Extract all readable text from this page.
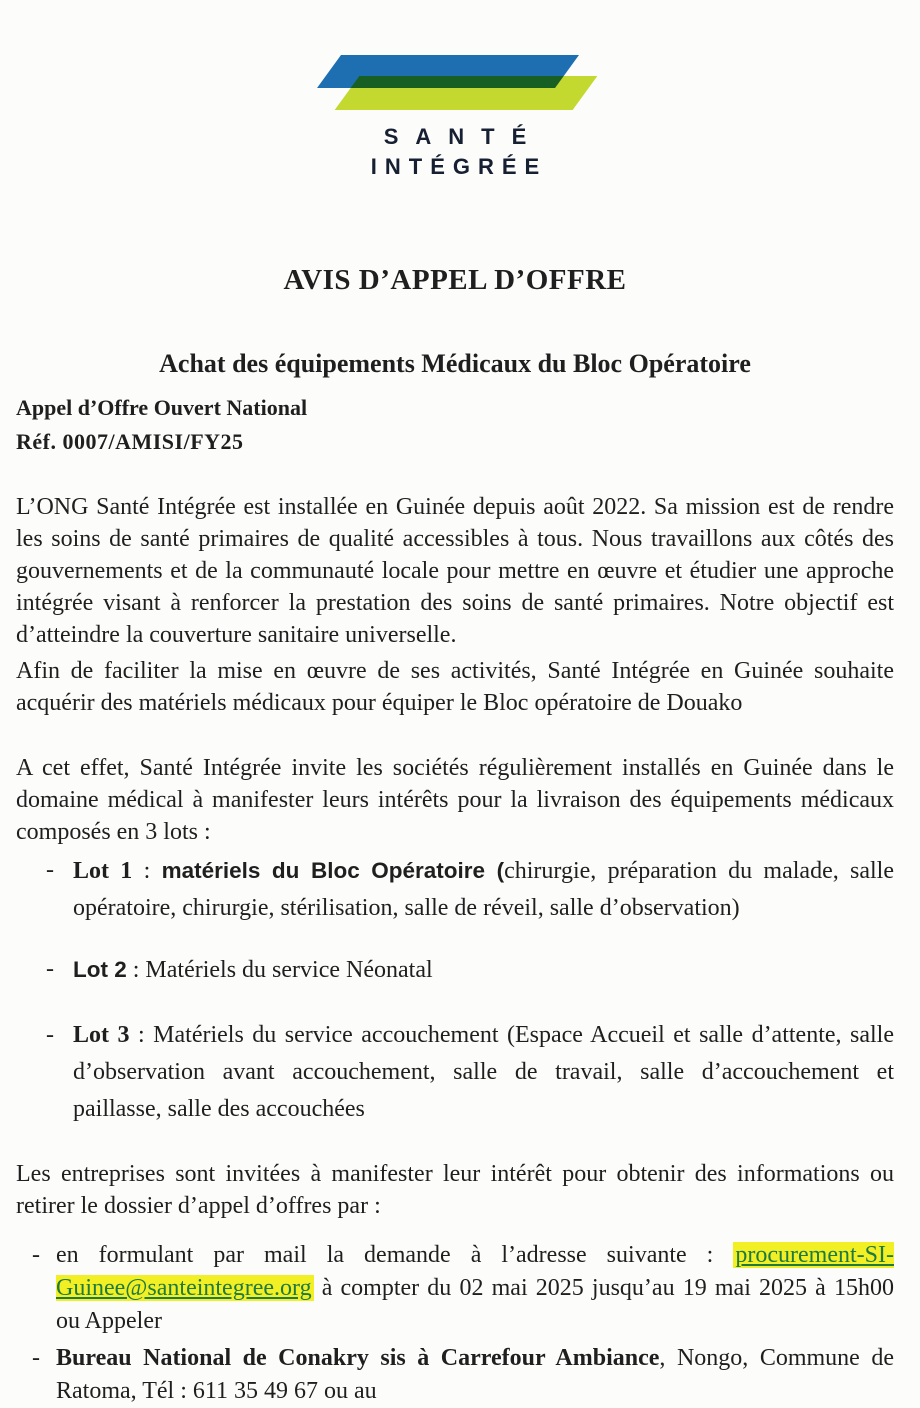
SANTÉ
INTÉGRÉE
AVIS D’APPEL D’OFFRE
Achat des équipements Médicaux du Bloc Opératoire
Appel d’Offre Ouvert National
Réf. 0007/AMISI/FY25

L’ONG Santé Intégrée est installée en Guinée depuis août 2022. Sa mission est de rendre les soins de santé primaires de qualité accessibles à tous. Nous travaillons aux côtés des gouvernements et de la communauté locale pour mettre en œuvre et étudier une approche intégrée visant à renforcer la prestation des soins de santé primaires. Notre objectif est d’atteindre la couverture sanitaire universelle.

Afin de faciliter la mise en œuvre de ses activités, Santé Intégrée en Guinée souhaite acquérir des matériels médicaux pour équiper le Bloc opératoire de Douako

A cet effet, Santé Intégrée invite les sociétés régulièrement installés en Guinée dans le domaine médical à manifester leurs intérêts pour la livraison des équipements médicaux composés en 3 lots :

- Lot 1 : matériels du Bloc Opératoire (chirurgie, préparation du malade, salle opératoire, chirurgie, stérilisation, salle de réveil, salle d’observation)
- Lot 2 : Matériels du service Néonatal
- Lot 3 : Matériels du service accouchement (Espace Accueil et salle d’attente, salle d’observation avant accouchement, salle de travail, salle d’accouchement et paillasse, salle des accouchées

Les entreprises sont invitées à manifester leur intérêt pour obtenir des informations ou retirer le dossier d’appel d’offres par :

- en formulant par mail la demande à l’adresse suivante : procurement-SI-Guinee@santeintegree.org à compter du 02 mai 2025 jusqu’au 19 mai 2025 à 15h00 ou Appeler
- Bureau National de Conakry sis à Carrefour Ambiance, Nongo, Commune de Ratoma, Tél : 611 35 49 67 ou au
